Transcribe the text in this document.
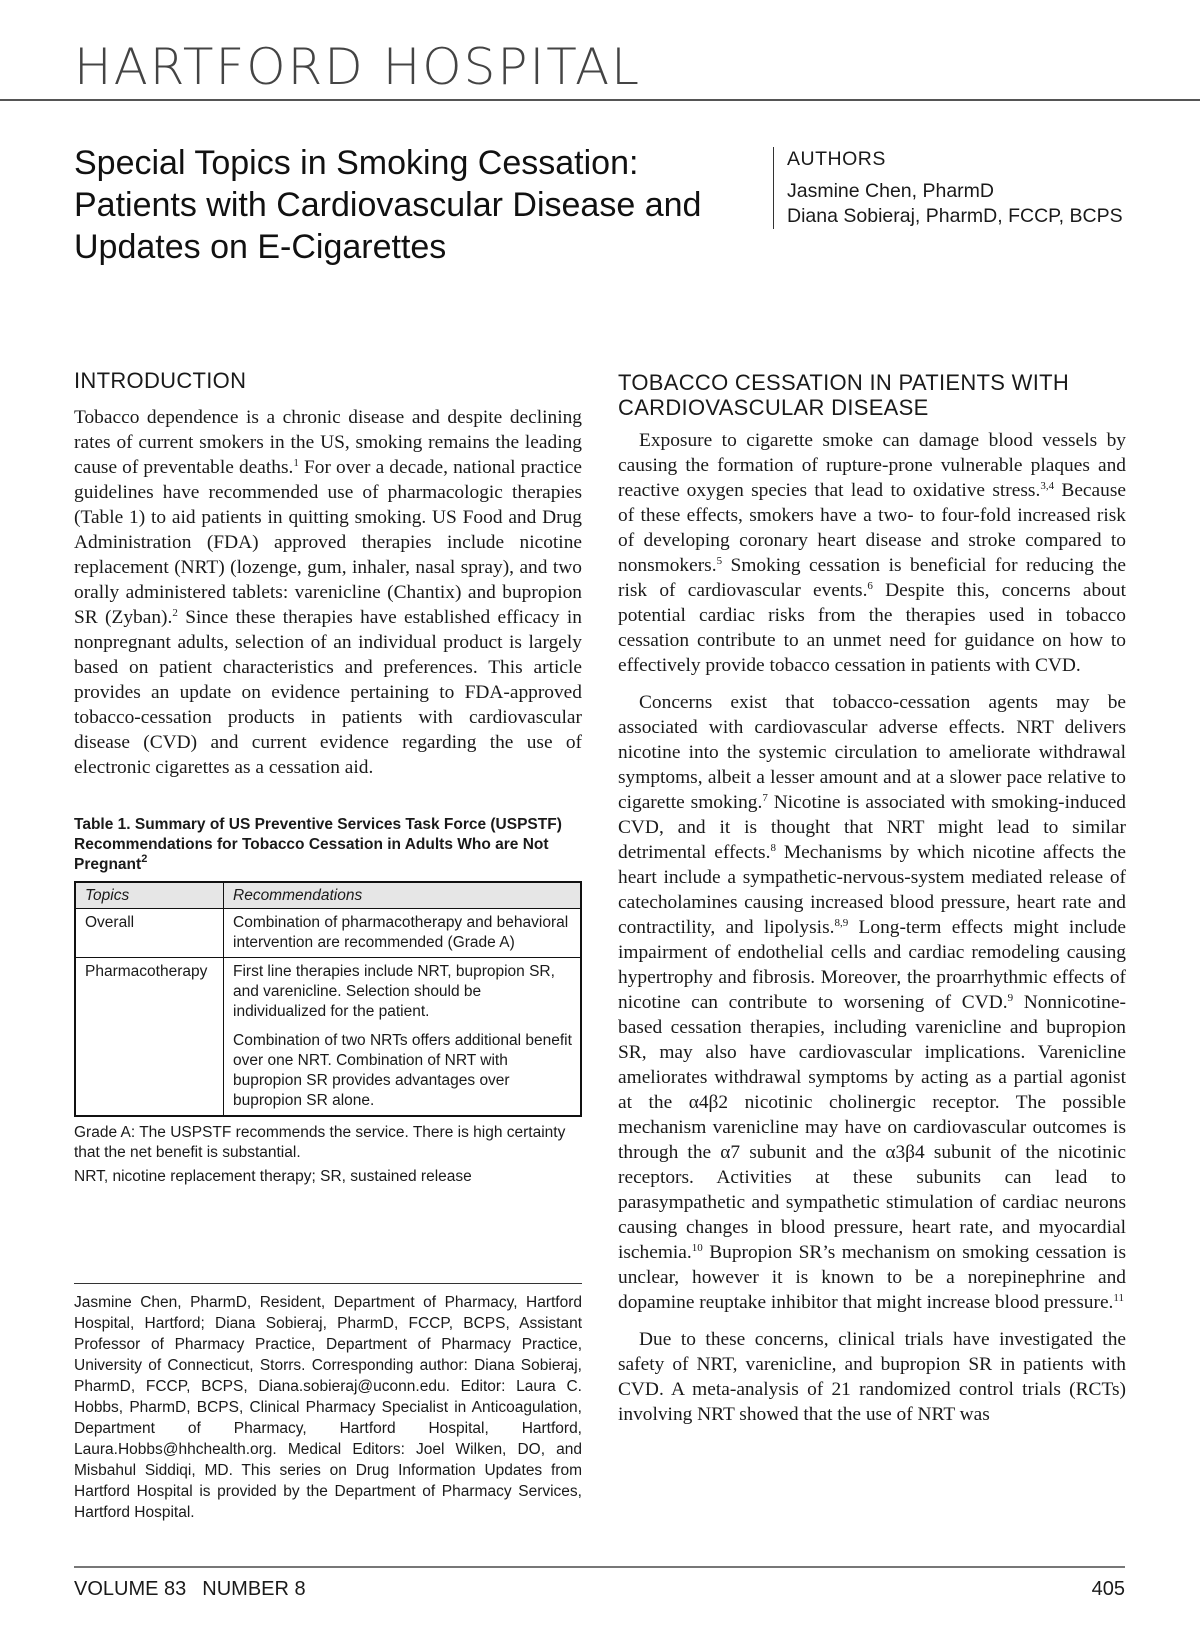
HARTFORD HOSPITAL
Special Topics in Smoking Cessation:
Patients with Cardiovascular Disease and
Updates on E-Cigarettes
AUTHORS
Jasmine Chen, PharmD
Diana Sobieraj, PharmD, FCCP, BCPS
INTRODUCTION

Tobacco dependence is a chronic disease and despite declining rates of current smokers in the US, smoking remains the leading cause of preventable deaths.$^1$ For over a decade, national practice guidelines have recommended use of pharmacologic therapies (Table 1) to aid patients in quitting smoking. US Food and Drug Administration (FDA) approved therapies include nicotine replacement (NRT) (lozenge, gum, inhaler, nasal spray), and two orally administered tablets: varenicline (Chantix) and bupropion SR (Zyban).$^2$ Since these therapies have established efficacy in nonpregnant adults, selection of an individual product is largely based on patient characteristics and preferences. This article provides an update on evidence pertaining to FDA-approved tobacco-cessation products in patients with cardiovascular disease (CVD) and current evidence regarding the use of electronic cigarettes as a cessation aid.

Table 1. Summary of US Preventive Services Task Force (USPSTF) Recommendations for Tobacco Cessation in Adults Who are Not Pregnant$^2$
Topics	Recommendations
Overall	Combination of pharmacotherapy and behavioral intervention are recommended (Grade A)
Pharmacotherapy	First line therapies include NRT, bupropion SR, and varenicline. Selection should be individualized for the patient.

Combination of two NRTs offers additional benefit over one NRT. Combination of NRT with bupropion SR provides advantages over bupropion SR alone.

Grade A: The USPSTF recommends the service. There is high certainty that the net benefit is substantial.
NRT, nicotine replacement therapy; SR, sustained release
Jasmine Chen, PharmD, Resident, Department of Pharmacy, Hartford Hospital, Hartford; Diana Sobieraj, PharmD, FCCP, BCPS, Assistant Professor of Pharmacy Practice, Department of Pharmacy Practice, University of Connecticut, Storrs. Corresponding author: Diana Sobieraj, PharmD, FCCP, BCPS, Diana.sobieraj@uconn.edu. Editor: Laura C. Hobbs, PharmD, BCPS, Clinical Pharmacy Specialist in Anticoagulation, Department of Pharmacy, Hartford Hospital, Hartford, Laura.Hobbs@hhchealth.org. Medical Editors: Joel Wilken, DO, and Misbahul Siddiqi, MD. This series on Drug Information Updates from Hartford Hospital is provided by the Department of Pharmacy Services, Hartford Hospital.
TOBACCO CESSATION IN PATIENTS WITH
CARDIOVASCULAR DISEASE

Exposure to cigarette smoke can damage blood vessels by causing the formation of rupture-prone vulnerable plaques and reactive oxygen species that lead to oxidative stress.$^{3,4}$ Because of these effects, smokers have a two- to four-fold increased risk of developing coronary heart disease and stroke compared to nonsmokers.$^5$ Smoking cessation is beneficial for reducing the risk of cardiovascular events.$^6$ Despite this, concerns about potential cardiac risks from the therapies used in tobacco cessation contribute to an unmet need for guidance on how to effectively provide tobacco cessation in patients with CVD.

Concerns exist that tobacco-cessation agents may be associated with cardiovascular adverse effects. NRT delivers nicotine into the systemic circulation to ameliorate withdrawal symptoms, albeit a lesser amount and at a slower pace relative to cigarette smoking.$^7$ Nicotine is associated with smoking-induced CVD, and it is thought that NRT might lead to similar detrimental effects.$^8$ Mechanisms by which nicotine affects the heart include a sympathetic-nervous-system mediated release of catecholamines causing increased blood pressure, heart rate and contractility, and lipolysis.$^{8,9}$ Long-term effects might include impairment of endothelial cells and cardiac remodeling causing hypertrophy and fibrosis. Moreover, the proarrhythmic effects of nicotine can contribute to worsening of CVD.$^9$ Nonnicotine-based cessation therapies, including varenicline and bupropion SR, may also have cardiovascular implications. Varenicline ameliorates withdrawal symptoms by acting as a partial agonist at the α4β2 nicotinic cholinergic receptor. The possible mechanism varenicline may have on cardiovascular outcomes is through the α7 subunit and the α3β4 subunit of the nicotinic receptors. Activities at these subunits can lead to parasympathetic and sympathetic stimulation of cardiac neurons causing changes in blood pressure, heart rate, and myocardial ischemia.$^{10}$ Bupropion SR’s mechanism on smoking cessation is unclear, however it is known to be a norepinephrine and dopamine reuptake inhibitor that might increase blood pressure.$^{11}$

Due to these concerns, clinical trials have investigated the safety of NRT, varenicline, and bupropion SR in patients with CVD. A meta-analysis of 21 randomized control trials (RCTs) involving NRT showed that the use of NRT was

VOLUME 83 NUMBER 8	405
